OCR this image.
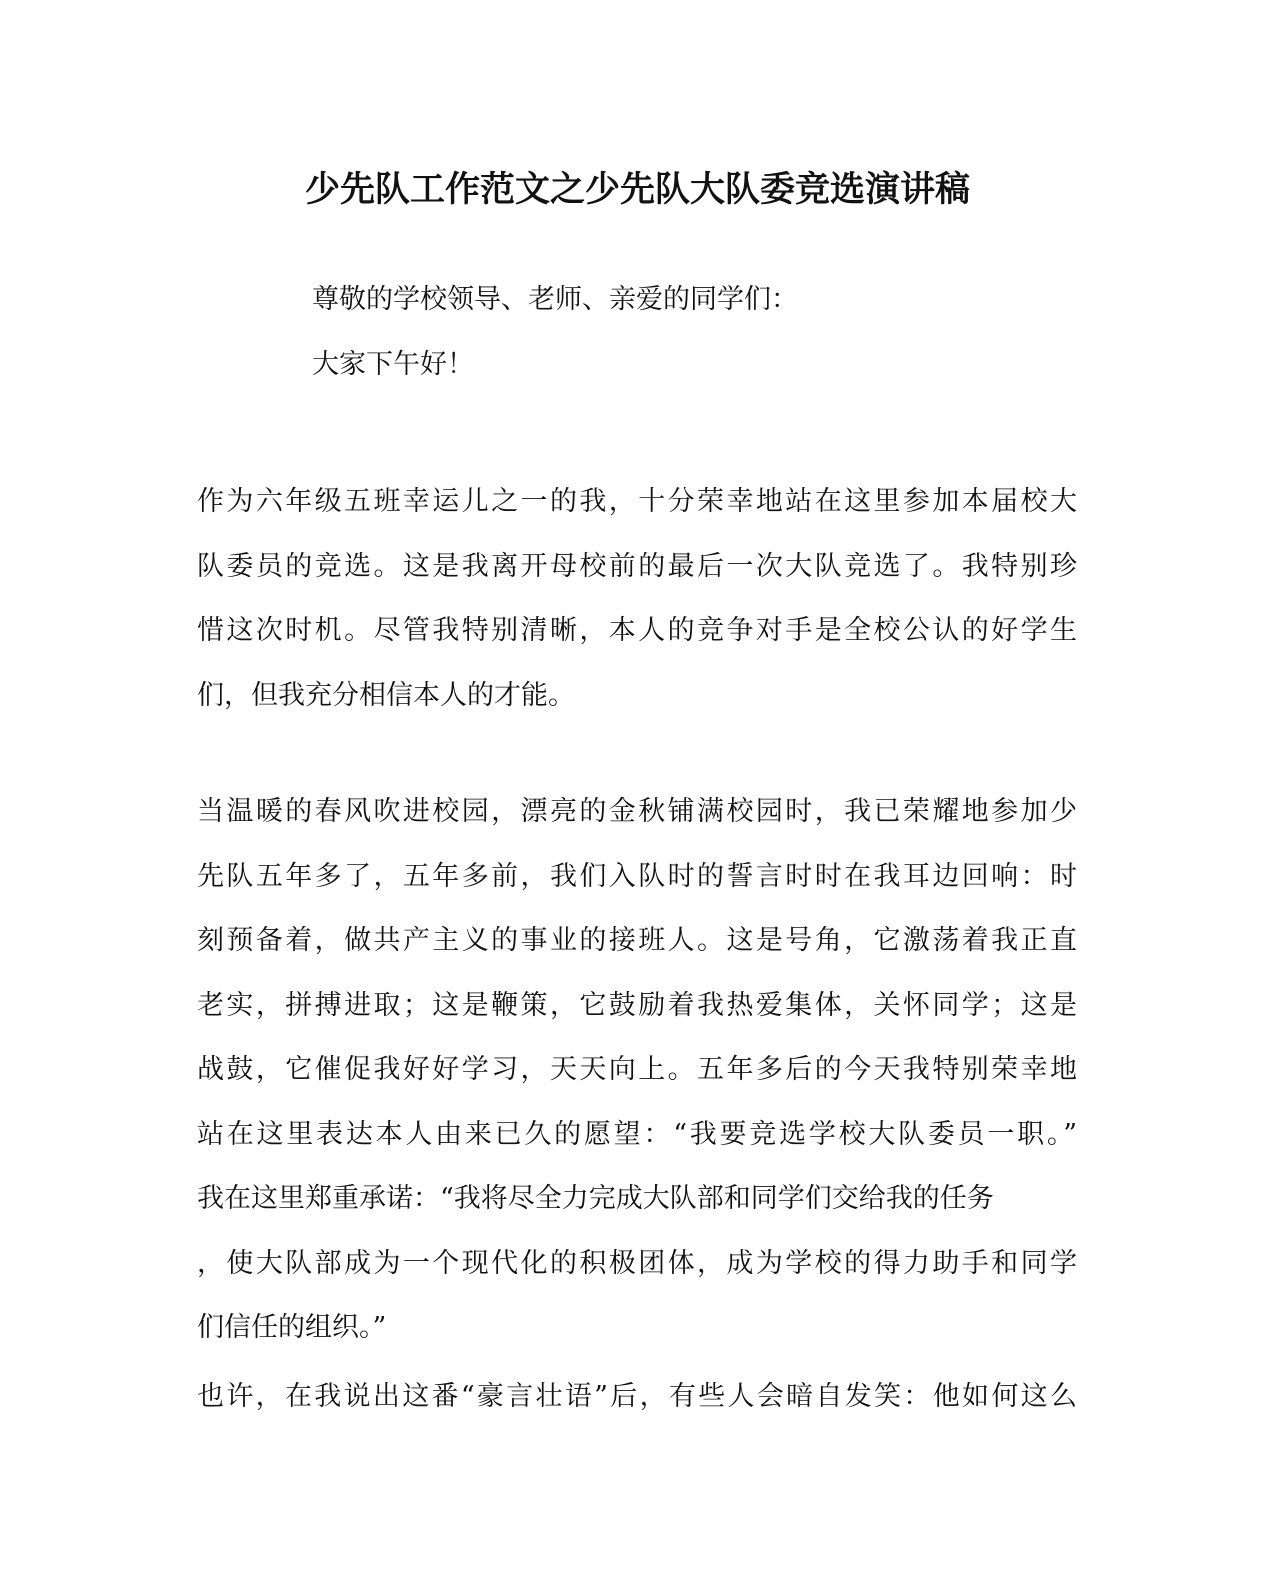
少先队工作范文之少先队大队委竞选演讲稿
尊敬的学校领导、老师、亲爱的同学们：
大家下午好！
作为六年级五班幸运儿之一的我，十分荣幸地站在这里参加本届校大
队委员的竞选。这是我离开母校前的最后一次大队竞选了。我特别珍
惜这次时机。尽管我特别清晰，本人的竞争对手是全校公认的好学生
们，但我充分相信本人的才能。
当温暖的春风吹进校园，漂亮的金秋铺满校园时，我已荣耀地参加少
先队五年多了，五年多前，我们入队时的誓言时时在我耳边回响：时
刻预备着，做共产主义的事业的接班人。这是号角，它激荡着我正直
老实，拼搏进取；这是鞭策，它鼓励着我热爱集体，关怀同学；这是
战鼓，它催促我好好学习，天天向上。五年多后的今天我特别荣幸地
站在这里表达本人由来已久的愿望：“我要竞选学校大队委员一职。”
我在这里郑重承诺：“我将尽全力完成大队部和同学们交给我的任务
，使大队部成为一个现代化的积极团体，成为学校的得力助手和同学
们信任的组织。”
也许，在我说出这番“豪言壮语”后，有些人会暗自发笑：他如何这么
